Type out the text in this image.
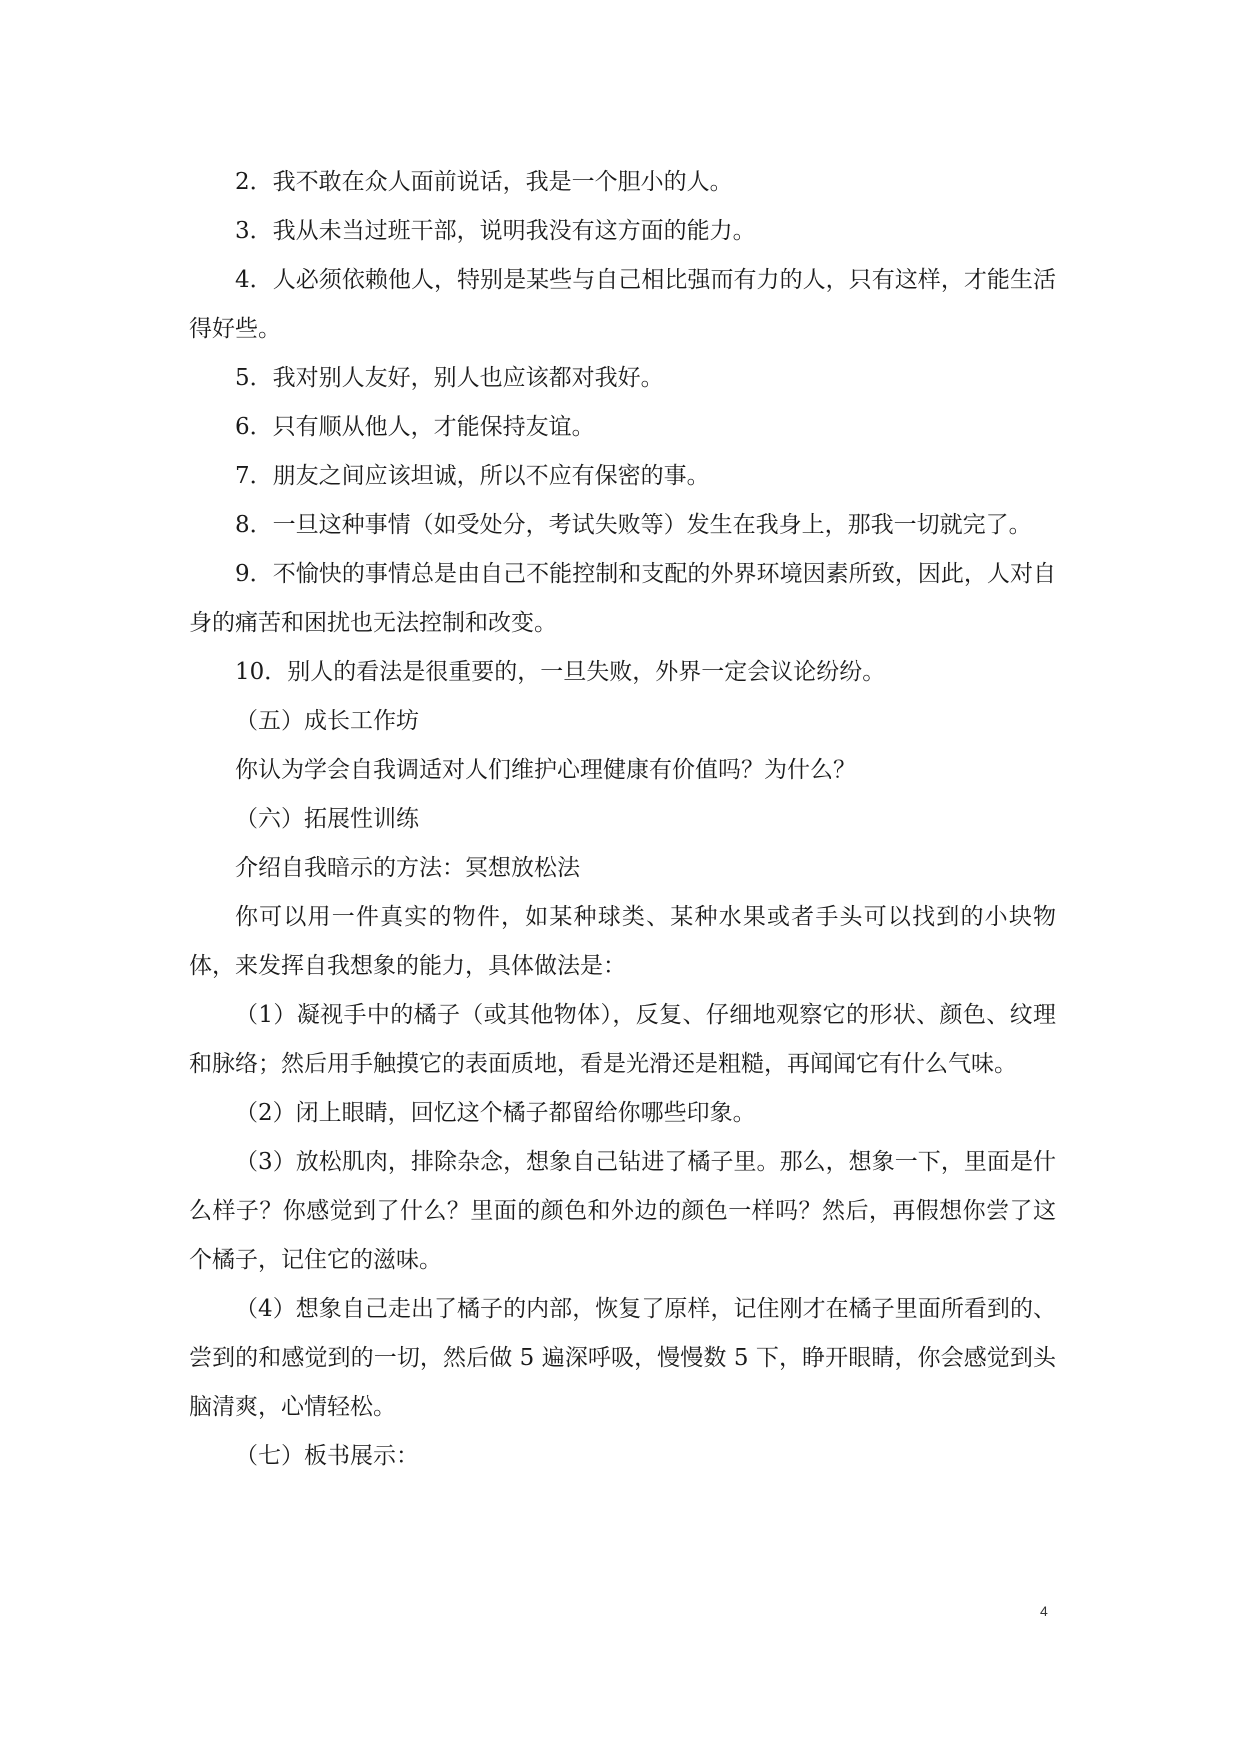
2．我不敢在众人面前说话，我是一个胆小的人。

3．我从未当过班干部，说明我没有这方面的能力。

4．人必须依赖他人，特别是某些与自己相比强而有力的人，只有这样，才能生活得好些。

5．我对别人友好，别人也应该都对我好。

6．只有顺从他人，才能保持友谊。

7．朋友之间应该坦诚，所以不应有保密的事。

8．一旦这种事情（如受处分，考试失败等）发生在我身上，那我一切就完了。

9．不愉快的事情总是由自己不能控制和支配的外界环境因素所致，因此，人对自身的痛苦和困扰也无法控制和改变。

10．别人的看法是很重要的，一旦失败，外界一定会议论纷纷。

（五）成长工作坊

你认为学会自我调适对人们维护心理健康有价值吗？为什么？

（六）拓展性训练

介绍自我暗示的方法：冥想放松法

你可以用一件真实的物件，如某种球类、某种水果或者手头可以找到的小块物体，来发挥自我想象的能力，具体做法是：

（1）凝视手中的橘子（或其他物体），反复、仔细地观察它的形状、颜色、纹理和脉络；然后用手触摸它的表面质地，看是光滑还是粗糙，再闻闻它有什么气味。

（2）闭上眼睛，回忆这个橘子都留给你哪些印象。

（3）放松肌肉，排除杂念，想象自己钻进了橘子里。那么，想象一下，里面是什么样子？你感觉到了什么？里面的颜色和外边的颜色一样吗？然后，再假想你尝了这个橘子，记住它的滋味。

（4）想象自己走出了橘子的内部，恢复了原样，记住刚才在橘子里面所看到的、尝到的和感觉到的一切，然后做 5 遍深呼吸，慢慢数 5 下，睁开眼睛，你会感觉到头脑清爽，心情轻松。

（七）板书展示：

4
